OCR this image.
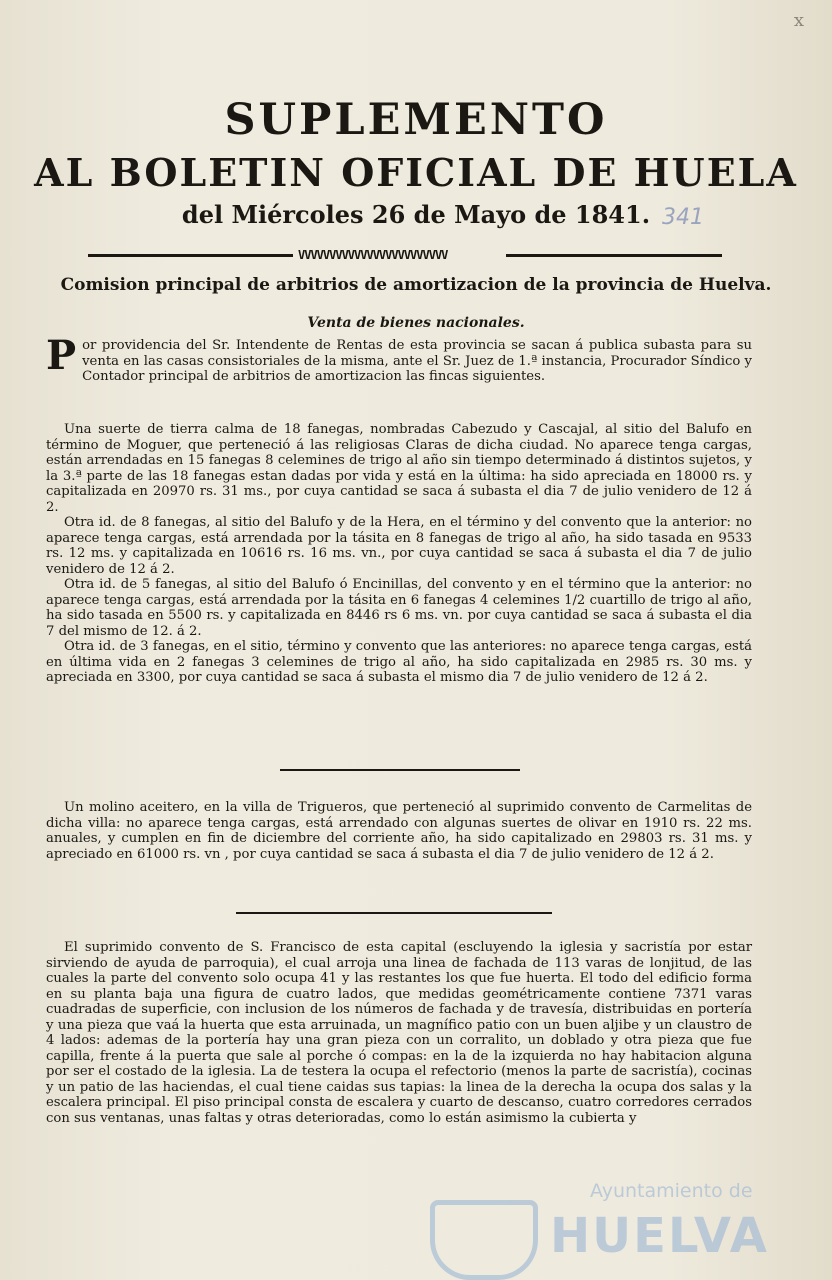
x
SUPLEMENTO
AL BOLETIN OFICIAL DE HUELA
del Miércoles 26 de Mayo de 1841. 341
VVVVVVVVVVVVVVVVVVVVVVVV
Comision principal de arbitrios de amortizacion de la provincia de Huelva.
Venta de bienes nacionales.
P or providencia del Sr. Intendente de Rentas de esta provincia se sacan á publica subasta para su venta en las casas consistoriales de la misma, ante el Sr. Juez de 1.ª instancia, Procurador Síndico y Contador principal de arbitrios de amortizacion las fincas siguientes.

Una suerte de tierra calma de 18 fanegas, nombradas Cabezudo y Cascajal, al sitio del Balufo en término de Moguer, que perteneció á las religiosas Claras de dicha ciudad. No aparece tenga cargas, están arrendadas en 15 fanegas 8 celemines de trigo al año sin tiempo determinado á distintos sujetos, y la 3.ª parte de las 18 fanegas estan dadas por vida y está en la última: ha sido apreciada en 18000 rs. y capitalizada en 20970 rs. 31 ms., por cuya cantidad se saca á subasta el dia 7 de julio venidero de 12 á 2.

Otra id. de 8 fanegas, al sitio del Balufo y de la Hera, en el término y del convento que la anterior: no aparece tenga cargas, está arrendada por la tásita en 8 fanegas de trigo al año, ha sido tasada en 9533 rs. 12 ms. y capitalizada en 10616 rs. 16 ms. vn., por cuya cantidad se saca á subasta el dia 7 de julio venidero de 12 á 2.

Otra id. de 5 fanegas, al sitio del Balufo ó Encinillas, del convento y en el término que la anterior: no aparece tenga cargas, está arrendada por la tásita en 6 fanegas 4 celemines 1/2 cuartillo de trigo al año, ha sido tasada en 5500 rs. y capitalizada en 8446 rs 6 ms. vn. por cuya cantidad se saca á subasta el dia 7 del mismo de 12. á 2.

Otra id. de 3 fanegas, en el sitio, término y convento que las anteriores: no aparece tenga cargas, está en última vida en 2 fanegas 3 celemines de trigo al año, ha sido capitalizada en 2985 rs. 30 ms. y apreciada en 3300, por cuya cantidad se saca á subasta el mismo dia 7 de julio venidero de 12 á 2.

Un molino aceitero, en la villa de Trigueros, que perteneció al suprimido convento de Carmelitas de dicha villa: no aparece tenga cargas, está arrendado con algunas suertes de olivar en 1910 rs. 22 ms. anuales, y cumplen en fin de diciembre del corriente año, ha sido capitalizado en 29803 rs. 31 ms. y apreciado en 61000 rs. vn , por cuya cantidad se saca á subasta el dia 7 de julio venidero de 12 á 2.

El suprimido convento de S. Francisco de esta capital (escluyendo la iglesia y sacristía por estar sirviendo de ayuda de parroquia), el cual arroja una linea de fachada de 113 varas de lonjitud, de las cuales la parte del convento solo ocupa 41 y las restantes los que fue huerta. El todo del edificio forma en su planta baja una figura de cuatro lados, que medidas geométricamente contiene 7371 varas cuadradas de superficie, con inclusion de los números de fachada y de travesía, distribuidas en portería y una pieza que vaá la huerta que esta arruinada, un magnífico patio con un buen aljibe y un claustro de 4 lados: ademas de la portería hay una gran pieza con un corralito, un doblado y otra pieza que fue capilla, frente á la puerta que sale al porche ó compas: en la de la izquierda no hay habitacion alguna por ser el costado de la iglesia. La de testera la ocupa el refectorio (menos la parte de sacristía), cocinas y un patio de las haciendas, el cual tiene caidas sus tapias: la linea de la derecha la ocupa dos salas y la escalera principal. El piso principal consta de escalera y cuarto de descanso, cuatro corredores cerrados con sus ventanas, unas faltas y otras deterioradas, como lo están asimismo la cubierta y

Ayuntamiento de
HUELVA
